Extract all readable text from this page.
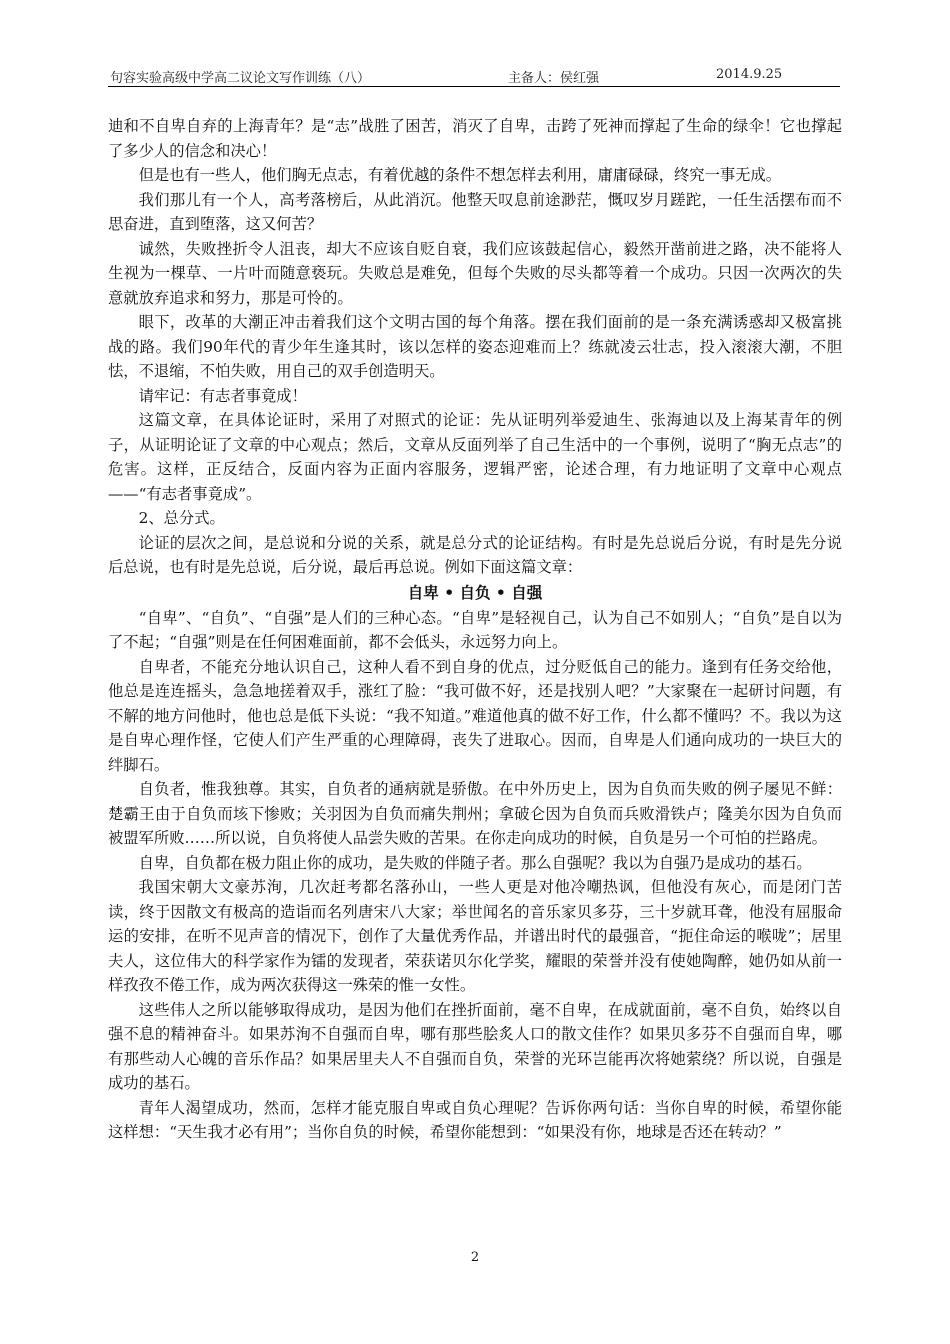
句容实验高级中学高二议论文写作训练（八）	主备人：侯红强	2014.9.25

迪和不自卑自弃的上海青年？是“志”战胜了困苦，消灭了自卑，击跨了死神而撑起了生命的绿伞！它也撑起了多少人的信念和决心！

但是也有一些人，他们胸无点志，有着优越的条件不想怎样去利用，庸庸碌碌，终究一事无成。

我们那儿有一个人，高考落榜后，从此消沉。他整天叹息前途渺茫，慨叹岁月蹉跎，一任生活摆布而不思奋进，直到堕落，这又何苦？

诚然，失败挫折令人沮丧，却大不应该自贬自衰，我们应该鼓起信心，毅然开凿前进之路，决不能将人生视为一棵草、一片叶而随意亵玩。失败总是难免，但每个失败的尽头都等着一个成功。只因一次两次的失意就放弃追求和努力，那是可怜的。

眼下，改革的大潮正冲击着我们这个文明古国的每个角落。摆在我们面前的是一条充满诱惑却又极富挑战的路。我们90年代的青少年生逢其时，该以怎样的姿态迎难而上？练就凌云壮志，投入滚滚大潮，不胆怯，不退缩，不怕失败，用自己的双手创造明天。

请牢记：有志者事竟成！

这篇文章，在具体论证时，采用了对照式的论证：先从证明列举爱迪生、张海迪以及上海某青年的例子，从证明论证了文章的中心观点；然后，文章从反面列举了自己生活中的一个事例，说明了“胸无点志”的危害。这样，正反结合，反面内容为正面内容服务，逻辑严密，论述合理，有力地证明了文章中心观点——“有志者事竟成”。

2、总分式。

论证的层次之间，是总说和分说的关系，就是总分式的论证结构。有时是先总说后分说，有时是先分说后总说，也有时是先总说，后分说，最后再总说。例如下面这篇文章：

自卑 • 自负 • 自强

“自卑”、“自负”、“自强”是人们的三种心态。“自卑”是轻视自己，认为自己不如别人；“自负”是自以为了不起；“自强”则是在任何困难面前，都不会低头，永远努力向上。

自卑者，不能充分地认识自己，这种人看不到自身的优点，过分贬低自己的能力。逢到有任务交给他，他总是连连摇头，急急地搓着双手，涨红了脸：“我可做不好，还是找别人吧？”大家聚在一起研讨问题，有不解的地方问他时，他也总是低下头说：“我不知道。”难道他真的做不好工作，什么都不懂吗？不。我以为这是自卑心理作怪，它使人们产生严重的心理障碍，丧失了进取心。因而，自卑是人们通向成功的一块巨大的绊脚石。

自负者，惟我独尊。其实，自负者的通病就是骄傲。在中外历史上，因为自负而失败的例子屡见不鲜：楚霸王由于自负而垓下惨败；关羽因为自负而痛失荆州；拿破仑因为自负而兵败滑铁卢；隆美尔因为自负而被盟军所败……所以说，自负将使人品尝失败的苦果。在你走向成功的时候，自负是另一个可怕的拦路虎。

自卑，自负都在极力阻止你的成功，是失败的伴随子者。那么自强呢？我以为自强乃是成功的基石。

我国宋朝大文豪苏洵，几次赶考都名落孙山，一些人更是对他冷嘲热讽，但他没有灰心，而是闭门苦读，终于因散文有极高的造诣而名列唐宋八大家；举世闻名的音乐家贝多芬，三十岁就耳聋，他没有屈服命运的安排，在听不见声音的情况下，创作了大量优秀作品，并谱出时代的最强音，“扼住命运的喉咙”；居里夫人，这位伟大的科学家作为镭的发现者，荣获诺贝尔化学奖，耀眼的荣誉并没有使她陶醉，她仍如从前一样孜孜不倦工作，成为两次获得这一殊荣的惟一女性。

这些伟人之所以能够取得成功，是因为他们在挫折面前，毫不自卑，在成就面前，毫不自负，始终以自强不息的精神奋斗。如果苏洵不自强而自卑，哪有那些脍炙人口的散文佳作？如果贝多芬不自强而自卑，哪有那些动人心魄的音乐作品？如果居里夫人不自强而自负，荣誉的光环岂能再次将她萦绕？所以说，自强是成功的基石。

青年人渴望成功，然而，怎样才能克服自卑或自负心理呢？告诉你两句话：当你自卑的时候，希望你能这样想：“天生我才必有用”；当你自负的时候，希望你能想到：“如果没有你，地球是否还在转动？”

2
